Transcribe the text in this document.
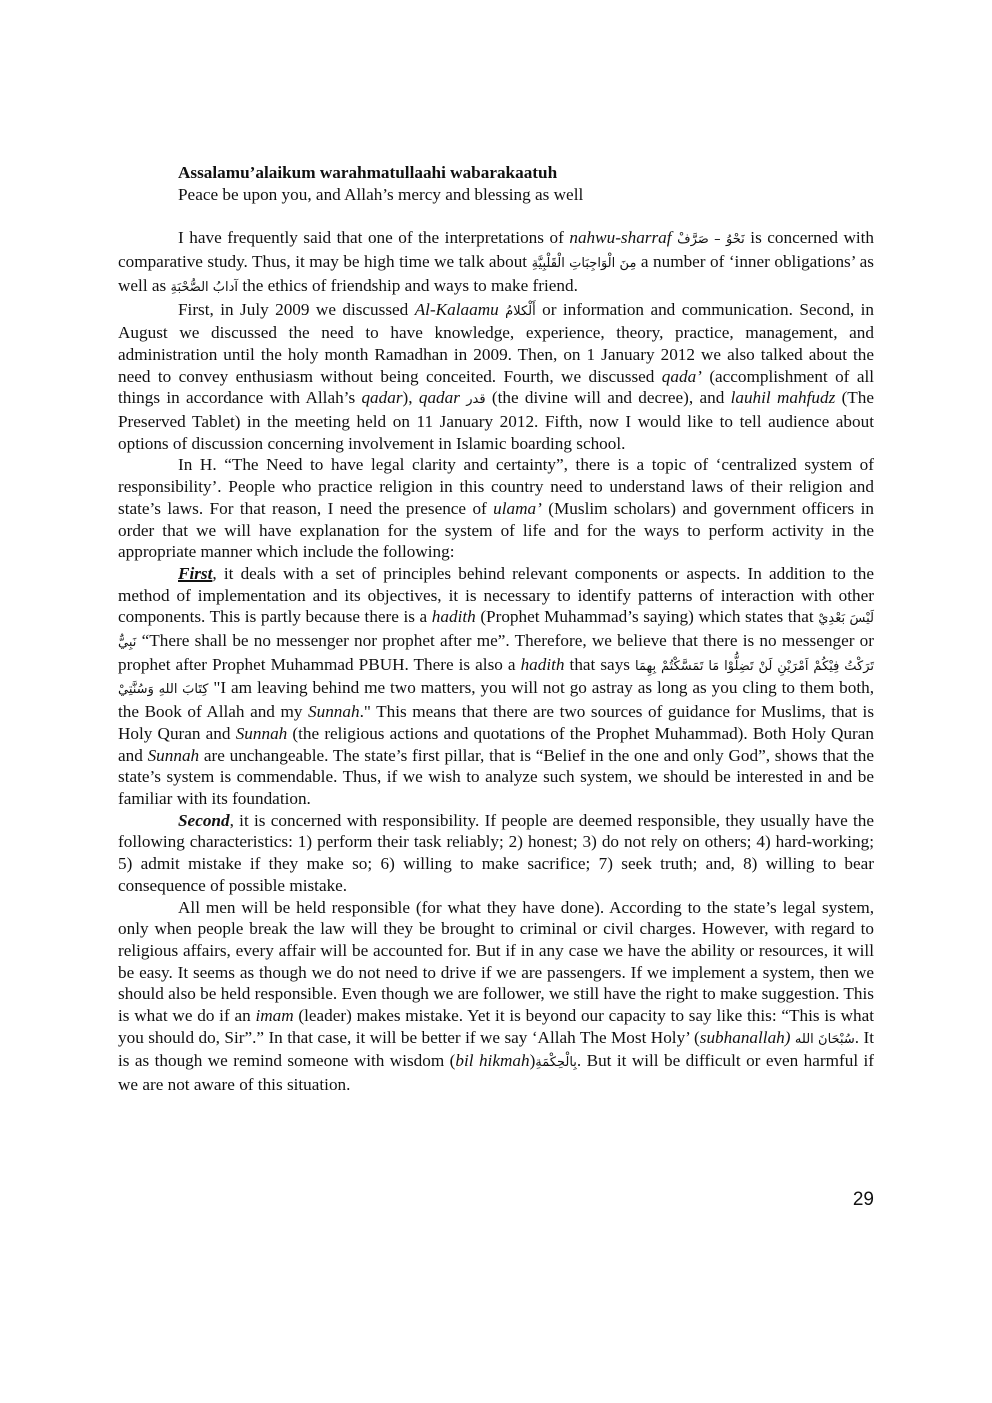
Assalamu’alaikum warahmatullaahi wabarakaatuh
Peace be upon you, and Allah’s mercy and blessing as well

I have frequently said that one of the interpretations of nahwu-sharraf نَحْوُ – صَرَّفْ is concerned with comparative study. Thus, it may be high time we talk about مِنَ الْوَاجِبَاتِ الْقَلْبِيَّةِ a number of ‘inner obligations’ as well as آدابُ الصُّحْبَةِ the ethics of friendship and ways to make friend.

First, in July 2009 we discussed Al-Kalaamu أَلْكلامُ or information and communication. Second, in August we discussed the need to have knowledge, experience, theory, practice, management, and administration until the holy month Ramadhan in 2009. Then, on 1 January 2012 we also talked about the need to convey enthusiasm without being conceited. Fourth, we discussed qada’ (accomplishment of all things in accordance with Allah’s qadar), qadar قدر (the divine will and decree), and lauhil mahfudz (The Preserved Tablet) in the meeting held on 11 January 2012. Fifth, now I would like to tell audience about options of discussion concerning involvement in Islamic boarding school.

In H. “The Need to have legal clarity and certainty”, there is a topic of ‘centralized system of responsibility’. People who practice religion in this country need to understand laws of their religion and state’s laws. For that reason, I need the presence of ulama’ (Muslim scholars) and government officers in order that we will have explanation for the system of life and for the ways to perform activity in the appropriate manner which include the following:

First, it deals with a set of principles behind relevant components or aspects. In addition to the method of implementation and its objectives, it is necessary to identify patterns of interaction with other components. This is partly because there is a hadith (Prophet Muhammad’s saying) which states that لَيْسَ بَعْدِيْ نَبِيٌّ “There shall be no messenger nor prophet after me”. Therefore, we believe that there is no messenger or prophet after Prophet Muhammad PBUH. There is also a hadith that says تَرَكْتُ فِيْكُمْ اَمْرَيْنِ لَنْ تَضِلُّوْا مَا تَمَسَّكْتُمْ بِهِمَا كِتَابَ اللهِ وَسُنَّتِيْ "I am leaving behind me two matters, you will not go astray as long as you cling to them both, the Book of Allah and my Sunnah." This means that there are two sources of guidance for Muslims, that is Holy Quran and Sunnah (the religious actions and quotations of the Prophet Muhammad). Both Holy Quran and Sunnah are unchangeable. The state’s first pillar, that is “Belief in the one and only God”, shows that the state’s system is commendable. Thus, if we wish to analyze such system, we should be interested in and be familiar with its foundation.

Second, it is concerned with responsibility. If people are deemed responsible, they usually have the following characteristics: 1) perform their task reliably; 2) honest; 3) do not rely on others; 4) hard-working; 5) admit mistake if they make so; 6) willing to make sacrifice; 7) seek truth; and, 8) willing to bear consequence of possible mistake.

All men will be held responsible (for what they have done). According to the state’s legal system, only when people break the law will they be brought to criminal or civil charges. However, with regard to religious affairs, every affair will be accounted for. But if in any case we have the ability or resources, it will be easy. It seems as though we do not need to drive if we are passengers. If we implement a system, then we should also be held responsible. Even though we are follower, we still have the right to make suggestion. This is what we do if an imam (leader) makes mistake. Yet it is beyond our capacity to say like this: “This is what you should do, Sir”.” In that case, it will be better if we say ‘Allah The Most Holy’ (subhanallah) سُبْحَانَ الله. It is as though we remind someone with wisdom (bil hikmah)بِالْحِكْمَةِ. But it will be difficult or even harmful if we are not aware of this situation.

29
